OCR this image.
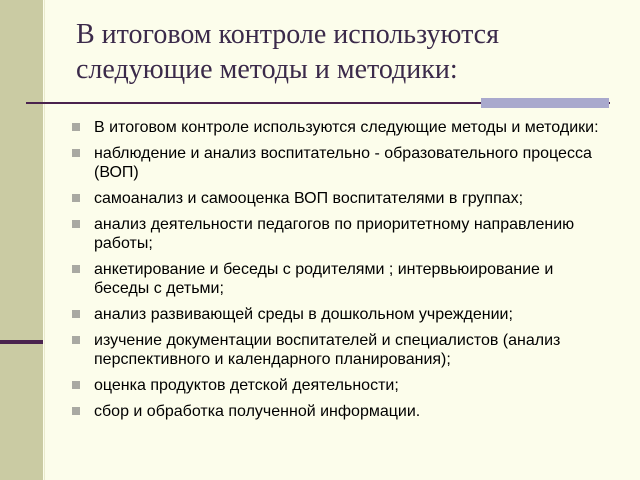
В итоговом контроле используются следующие методы и методики:
В итоговом контроле используются следующие методы и методики:
наблюдение и анализ воспитательно - образовательного процесса (ВОП)
самоанализ и самооценка ВОП воспитателями в группах;
анализ деятельности педагогов по приоритетному направлению работы;
анкетирование и беседы с родителями ; интервьюирование и беседы с детьми;
анализ развивающей среды в дошкольном учреждении;
изучение документации воспитателей и специалистов (анализ перспективного и календарного планирования);
оценка продуктов детской деятельности;
сбор и обработка полученной информации.
